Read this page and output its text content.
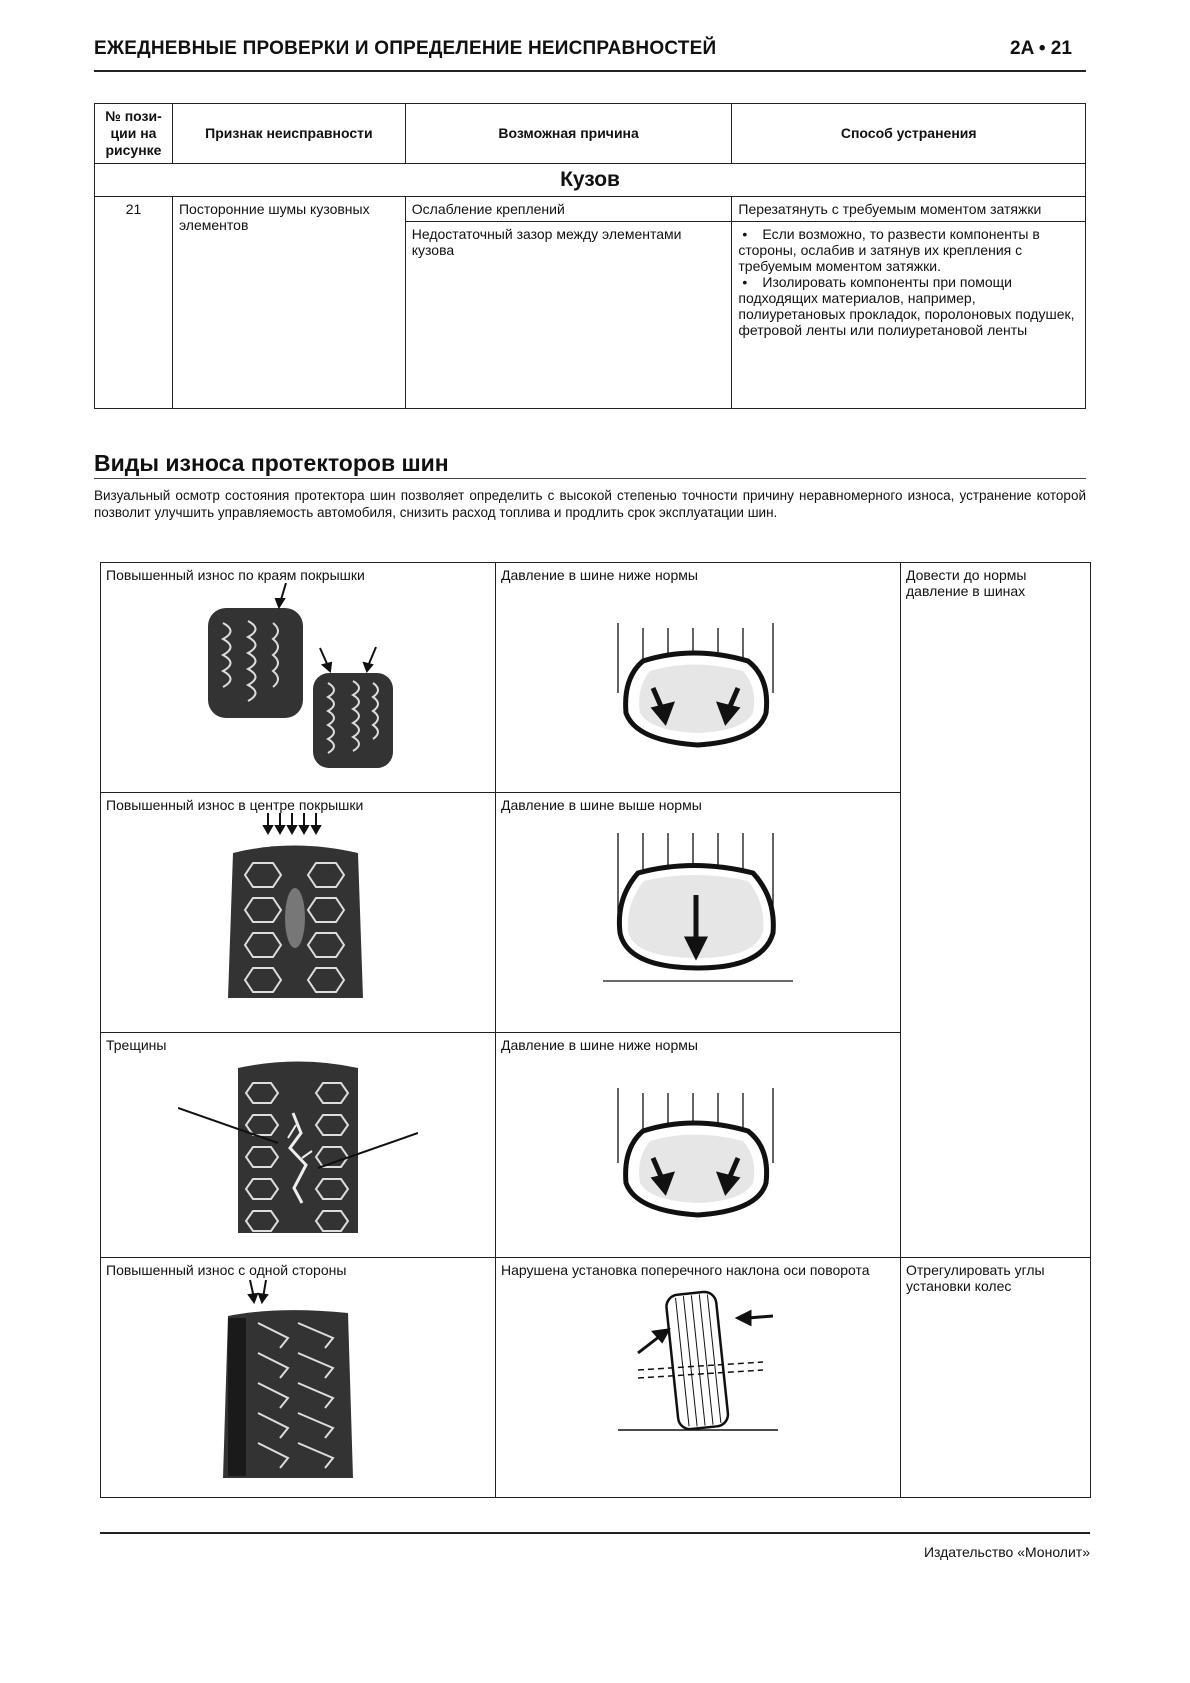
ЕЖЕДНЕВНЫЕ ПРОВЕРКИ И ОПРЕДЕЛЕНИЕ НЕИСПРАВНОСТЕЙ	2A • 21
№ пози-ции на рисунке	Признак неисправности	Возможная причина	Способ устранения
Кузов			
21	Посторонние шумы кузовных элементов	Ослабление креплений	Перезатянуть с требуемым моментом затяжки
		Недостаточный зазор между элементами кузова	• Если возможно, то развести компоненты в стороны, ослабив и затянув их крепления с требуемым моментом затяжки.
• Изолировать компоненты при помощи подходящих материалов, например, полиуретановых прокладок, поролоновых подушек, фетровой ленты или полиуретановой ленты
Виды износа протекторов шин
Визуальный осмотр состояния протектора шин позволяет определить с высокой степенью точности причину неравномерного износа, устранение которой позволит улучшить управляемость автомобиля, снизить расход топлива и продлить срок эксплуатации шин.
Повышенный износ по краям покрышки	Давление в шине ниже нормы	Довести до нормы давление в шинах

Повышенный износ в центре покрышки	Давление в шине выше нормы	

Трещины	Давление в шине ниже нормы	

Повышенный износ с одной стороны	Нарушена установка поперечного наклона оси поворота	Отрегулировать углы установки колес
Издательство «Монолит»
